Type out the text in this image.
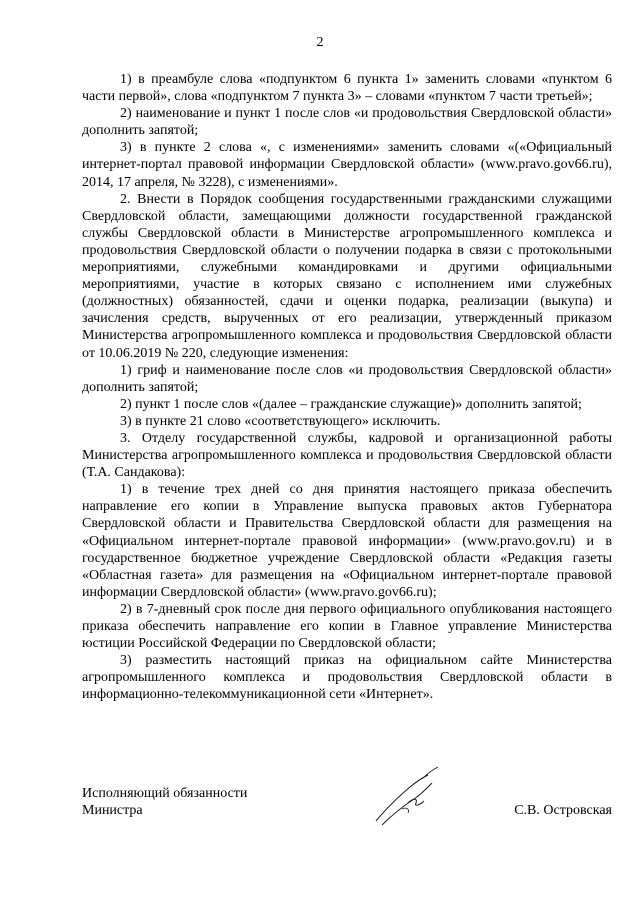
2

1) в преамбуле слова «подпунктом 6 пункта 1» заменить словами «пунктом 6 части первой», слова «подпунктом 7 пункта 3» – словами «пунктом 7 части третьей»;

2) наименование и пункт 1 после слов «и продовольствия Свердловской области» дополнить запятой;

3) в пункте 2 слова «, с изменениями» заменить словами «(«Официальный интернет-портал правовой информации Свердловской области» (www.pravo.gov66.ru), 2014, 17 апреля, № 3228), с изменениями».

2. Внести в Порядок сообщения государственными гражданскими служащими Свердловской области, замещающими должности государственной гражданской службы Свердловской области в Министерстве агропромышленного комплекса и продовольствия Свердловской области о получении подарка в связи с протокольными мероприятиями, служебными командировками и другими официальными мероприятиями, участие в которых связано с исполнением ими служебных (должностных) обязанностей, сдачи и оценки подарка, реализации (выкупа) и зачисления средств, вырученных от его реализации, утвержденный приказом Министерства агропромышленного комплекса и продовольствия Свердловской области от 10.06.2019 № 220, следующие изменения:

1) гриф и наименование после слов «и продовольствия Свердловской области» дополнить запятой;

2) пункт 1 после слов «(далее – гражданские служащие)» дополнить запятой;

3) в пункте 21 слово «соответствующего» исключить.

3. Отделу государственной службы, кадровой и организационной работы Министерства агропромышленного комплекса и продовольствия Свердловской области (Т.А. Сандакова):

1) в течение трех дней со дня принятия настоящего приказа обеспечить направление его копии в Управление выпуска правовых актов Губернатора Свердловской области и Правительства Свердловской области для размещения на «Официальном интернет-портале правовой информации» (www.pravo.gov.ru) и в государственное бюджетное учреждение Свердловской области «Редакция газеты «Областная газета» для размещения на «Официальном интернет-портале правовой информации Свердловской области» (www.pravo.gov66.ru);

2) в 7-дневный срок после дня первого официального опубликования настоящего приказа обеспечить направление его копии в Главное управление Министерства юстиции Российской Федерации по Свердловской области;

3) разместить настоящий приказ на официальном сайте Министерства агропромышленного комплекса и продовольствия Свердловской области в информационно-телекоммуникационной сети «Интернет».

Исполняющий обязанности
Министра	С.В. Островская
